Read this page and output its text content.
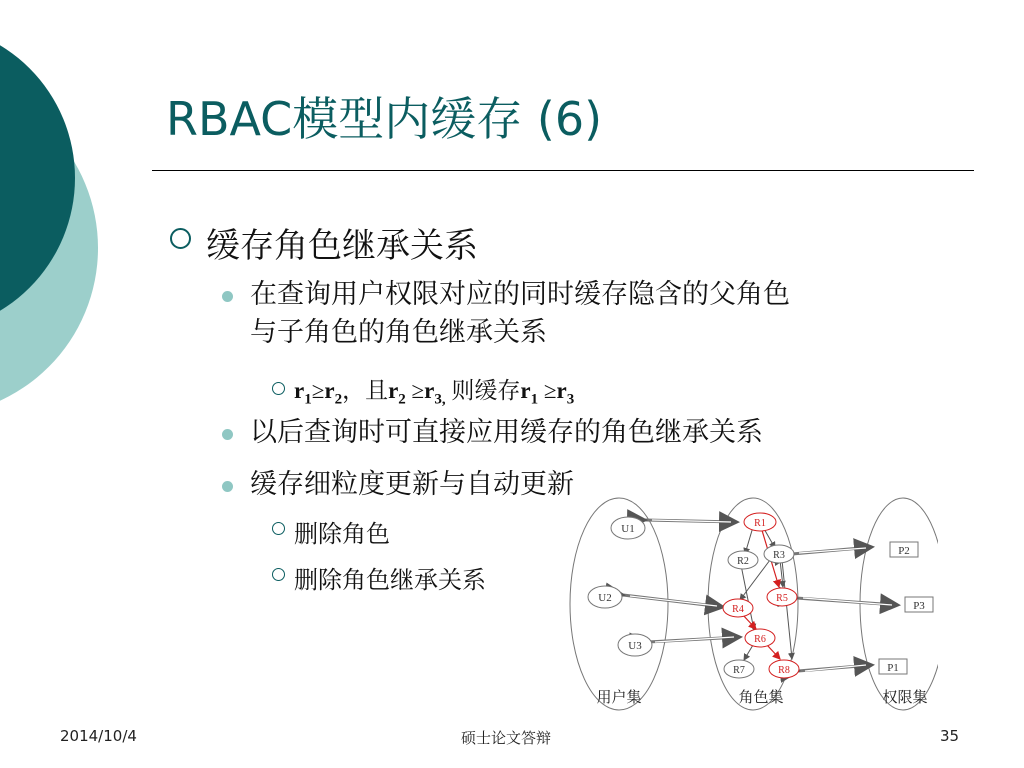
RBAC模型内缓存 (6)
缓存角色继承关系
在查询用户权限对应的同时缓存隐含的父角色
与子角色的角色继承关系
$r_1\ge r_2$，且$r_2 \ge r_{3,}$ 则缓存$r_1 \ge r_3$
以后查询时可直接应用缓存的角色继承关系
缓存细粒度更新与自动更新
删除角色
删除角色继承关系
U1
U2
U3
R1
R2
R3
R4
R5
R6
R7	R8
P2
P3
P1
用户集	角色集	权限集
2014/10/4	硕士论文答辩	35
